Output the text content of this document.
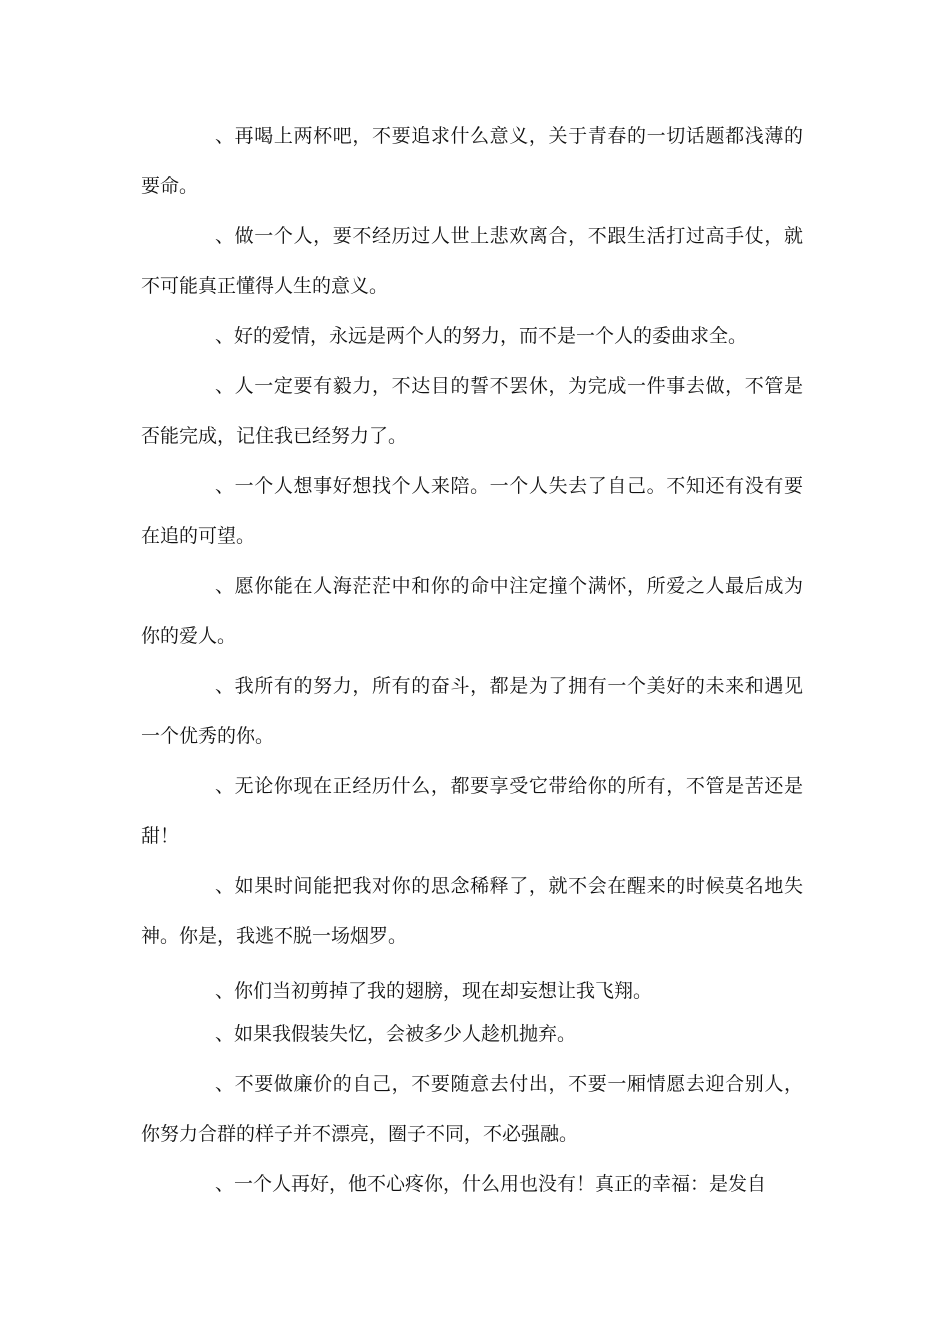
、再喝上两杯吧，不要追求什么意义，关于青春的一切话题都浅薄的要命。

、做一个人，要不经历过人世上悲欢离合，不跟生活打过高手仗，就不可能真正懂得人生的意义。

、好的爱情，永远是两个人的努力，而不是一个人的委曲求全。

、人一定要有毅力，不达目的誓不罢休，为完成一件事去做，不管是否能完成，记住我已经努力了。

、一个人想事好想找个人来陪。一个人失去了自己。不知还有没有要在追的可望。

、愿你能在人海茫茫中和你的命中注定撞个满怀，所爱之人最后成为你的爱人。

、我所有的努力，所有的奋斗，都是为了拥有一个美好的未来和遇见一个优秀的你。

、无论你现在正经历什么，都要享受它带给你的所有，不管是苦还是甜！

、如果时间能把我对你的思念稀释了，就不会在醒来的时候莫名地失神。你是，我逃不脱一场烟罗。

、你们当初剪掉了我的翅膀，现在却妄想让我飞翔。

、如果我假装失忆，会被多少人趁机抛弃。

、不要做廉价的自己，不要随意去付出，不要一厢情愿去迎合别人，你努力合群的样子并不漂亮，圈子不同，不必强融。

、一个人再好，他不心疼你，什么用也没有！真正的幸福：是发自
